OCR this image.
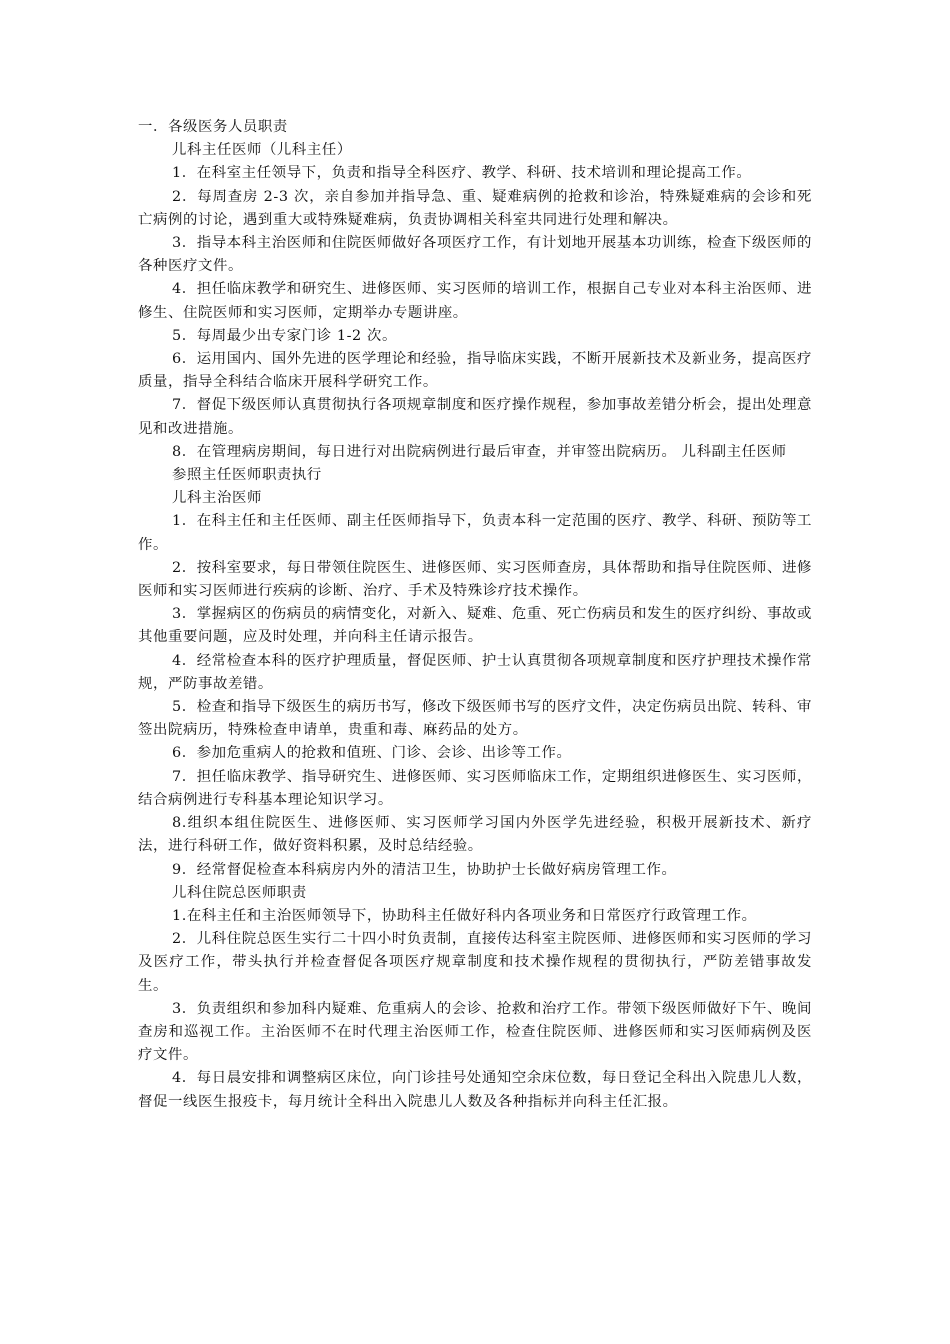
一．各级医务人员职责
儿科主任医师（儿科主任）
1．在科室主任领导下，负责和指导全科医疗、教学、科研、技术培训和理论提高工作。
2．每周查房 2-3 次，亲自参加并指导急、重、疑难病例的抢救和诊治，特殊疑难病的会诊和死亡病例的讨论，遇到重大或特殊疑难病，负责协调相关科室共同进行处理和解决。
3．指导本科主治医师和住院医师做好各项医疗工作，有计划地开展基本功训练，检查下级医师的各种医疗文件。
4．担任临床教学和研究生、进修医师、实习医师的培训工作，根据自己专业对本科主治医师、进修生、住院医师和实习医师，定期举办专题讲座。
5．每周最少出专家门诊 1-2 次。
6．运用国内、国外先进的医学理论和经验，指导临床实践，不断开展新技术及新业务，提高医疗质量，指导全科结合临床开展科学研究工作。
7．督促下级医师认真贯彻执行各项规章制度和医疗操作规程，参加事故差错分析会，提出处理意见和改进措施。
8．在管理病房期间，每日进行对出院病例进行最后审查，并审签出院病历。 儿科副主任医师
参照主任医师职责执行
儿科主治医师
1．在科主任和主任医师、副主任医师指导下，负责本科一定范围的医疗、教学、科研、预防等工作。
2．按科室要求，每日带领住院医生、进修医师、实习医师查房，具体帮助和指导住院医师、进修医师和实习医师进行疾病的诊断、治疗、手术及特殊诊疗技术操作。
3．掌握病区的伤病员的病情变化，对新入、疑难、危重、死亡伤病员和发生的医疗纠纷、事故或其他重要问题，应及时处理，并向科主任请示报告。
4．经常检查本科的医疗护理质量，督促医师、护士认真贯彻各项规章制度和医疗护理技术操作常规，严防事故差错。
5．检查和指导下级医生的病历书写，修改下级医师书写的医疗文件，决定伤病员出院、转科、审签出院病历，特殊检查申请单，贵重和毒、麻药品的处方。
6．参加危重病人的抢救和值班、门诊、会诊、出诊等工作。
7．担任临床教学、指导研究生、进修医师、实习医师临床工作，定期组织进修医生、实习医师，结合病例进行专科基本理论知识学习。
8.组织本组住院医生、进修医师、实习医师学习国内外医学先进经验，积极开展新技术、新疗法，进行科研工作，做好资料积累，及时总结经验。
9．经常督促检查本科病房内外的清洁卫生，协助护士长做好病房管理工作。
儿科住院总医师职责
1.在科主任和主治医师领导下，协助科主任做好科内各项业务和日常医疗行政管理工作。
2．儿科住院总医生实行二十四小时负责制，直接传达科室主院医师、进修医师和实习医师的学习及医疗工作，带头执行并检查督促各项医疗规章制度和技术操作规程的贯彻执行，严防差错事故发生。
3．负责组织和参加科内疑难、危重病人的会诊、抢救和治疗工作。带领下级医师做好下午、晚间查房和巡视工作。主治医师不在时代理主治医师工作，检查住院医师、进修医师和实习医师病例及医疗文件。
4．每日晨安排和调整病区床位，向门诊挂号处通知空余床位数，每日登记全科出入院患儿人数，督促一线医生报疫卡，每月统计全科出入院患儿人数及各种指标并向科主任汇报。
